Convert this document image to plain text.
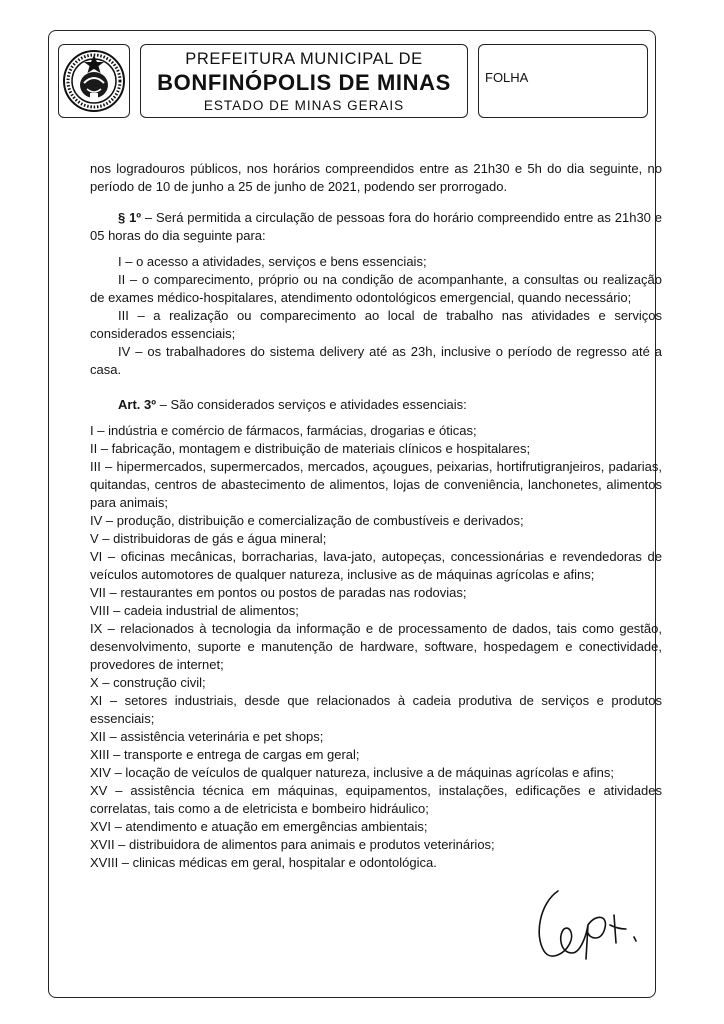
PREFEITURA MUNICIPAL DE
BONFINÓPOLIS DE MINAS
ESTADO DE MINAS GERAIS
FOLHA

nos logradouros públicos, nos horários compreendidos entre as 21h30 e 5h do dia seguinte, no período de 10 de junho a 25 de junho de 2021, podendo ser prorrogado.

§ 1º – Será permitida a circulação de pessoas fora do horário compreendido entre as 21h30 e 05 horas do dia seguinte para:

I – o acesso a atividades, serviços e bens essenciais;

II – o comparecimento, próprio ou na condição de acompanhante, a consultas ou realização de exames médico-hospitalares, atendimento odontológicos emergencial, quando necessário;

III – a realização ou comparecimento ao local de trabalho nas atividades e serviços considerados essenciais;

IV – os trabalhadores do sistema delivery até as 23h, inclusive o período de regresso até a casa.

Art. 3º – São considerados serviços e atividades essenciais:

I – indústria e comércio de fármacos, farmácias, drogarias e óticas;

II – fabricação, montagem e distribuição de materiais clínicos e hospitalares;

III – hipermercados, supermercados, mercados, açougues, peixarias, hortifrutigranjeiros, padarias, quitandas, centros de abastecimento de alimentos, lojas de conveniência, lanchonetes, alimentos para animais;

IV – produção, distribuição e comercialização de combustíveis e derivados;

V – distribuidoras de gás e água mineral;

VI – oficinas mecânicas, borracharias, lava-jato, autopeças, concessionárias e revendedoras de veículos automotores de qualquer natureza, inclusive as de máquinas agrícolas e afins;

VII – restaurantes em pontos ou postos de paradas nas rodovias;

VIII – cadeia industrial de alimentos;

IX – relacionados à tecnologia da informação e de processamento de dados, tais como gestão, desenvolvimento, suporte e manutenção de hardware, software, hospedagem e conectividade, provedores de internet;

X – construção civil;

XI – setores industriais, desde que relacionados à cadeia produtiva de serviços e produtos essenciais;

XII – assistência veterinária e pet shops;

XIII – transporte e entrega de cargas em geral;

XIV – locação de veículos de qualquer natureza, inclusive a de máquinas agrícolas e afins;

XV – assistência técnica em máquinas, equipamentos, instalações, edificações e atividades correlatas, tais como a de eletricista e bombeiro hidráulico;

XVI – atendimento e atuação em emergências ambientais;

XVII – distribuidora de alimentos para animais e produtos veterinários;

XVIII – clinicas médicas em geral, hospitalar e odontológica.
